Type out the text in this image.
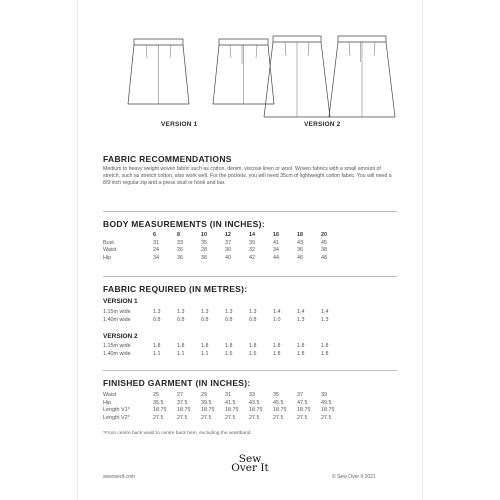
VERSION 1	VERSION 2
FABRIC RECOMMENDATIONS
Medium to heavy weight woven fabric such as cotton, denim, viscose linen or wool. Woven fabrics with a small amount of stretch, such as stretch cotton, also work well. For the pockets, you will need 35cm of lightweight cotton fabric. You will need a 8/9 inch regular zip and a press stud or hook and bar.
BODY MEASUREMENTS (IN INCHES):
	6	8	10	12	14	16	18	20
Bust	31	33	35	37	39	41	43	45
Waist	24	26	28	30	32	34	36	38
Hip	34	36	38	40	42	44	46	48
FABRIC REQUIRED (IN METRES):
VERSION 1
1.15m wide	1.3	1.3	1.3	1.3	1.3	1.4	1.4	1.4
1.40m wide	0.8	0.8	0.8	0.8	0.8	1.0	1.3	1.3
VERSION 2
1.15m wide	1.8	1.8	1.8	1.8	1.8	1.8	1.8	1.8
1.40m wide	1.1	1.1	1.1	1.5	1.5	1.8	1.8	1.8
FINISHED GARMENT (IN INCHES):
Waist	25	27	29	31	33	35	37	39
Hip	35.5	37.5	39.5	41.5	43.5	45.5	47.5	49.5
Length V1*	18.75	18.75	18.75	18.75	18.75	18.75	18.75	18.75
Length V2*	27.5	27.5	27.5	27.5	27.5	27.5	27.5	27.5
*From centre back waist to centre back hem, excluding the waistband.
sewoverit.com
Sew
Over It
© Sew Over It 2021
